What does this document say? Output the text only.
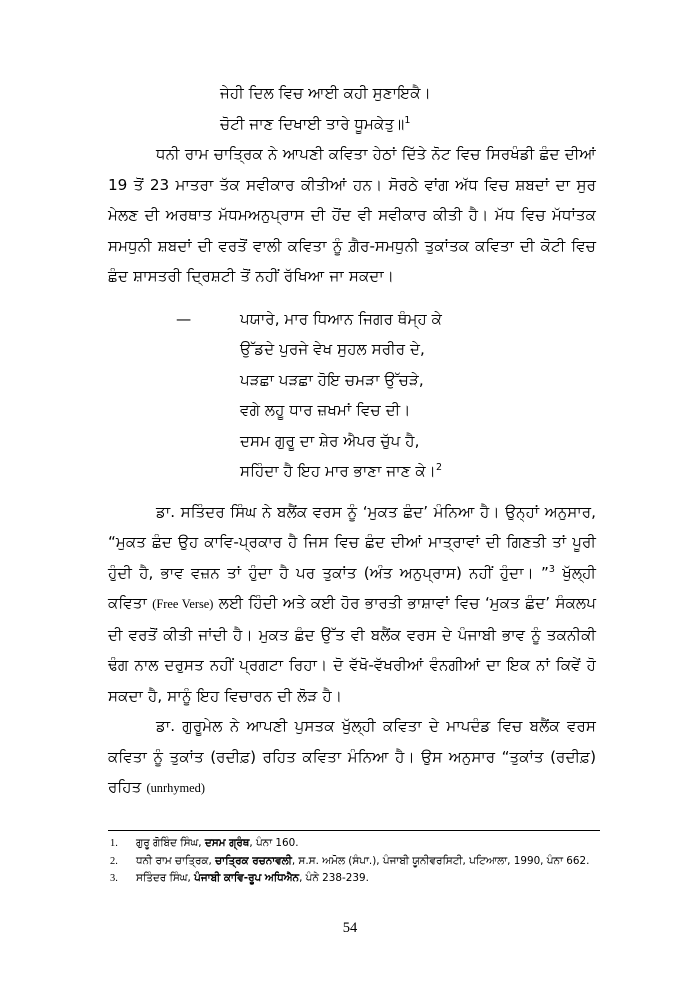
ਜੇਹੀ ਦਿਲ ਵਿਚ ਆਈ ਕਹੀ ਸੁਣਾਇਕੈ।
ਚੋਟੀ ਜਾਣ ਦਿਖਾਈ ਤਾਰੇ ਧੂਮਕੇਤੁ॥$^1$

ਧਨੀ ਰਾਮ ਚਾਤ੍ਰਿਕ ਨੇ ਆਪਣੀ ਕਵਿਤਾ ਹੇਠਾਂ ਦਿੱਤੇ ਨੋਟ ਵਿਚ ਸਿਰਖੰਡੀ ਛੰਦ ਦੀਆਂ 19 ਤੋਂ 23 ਮਾਤਰਾ ਤੱਕ ਸਵੀਕਾਰ ਕੀਤੀਆਂ ਹਨ। ਸੋਰਠੇ ਵਾਂਗ ਅੱਧ ਵਿਚ ਸ਼ਬਦਾਂ ਦਾ ਸੁਰ ਮੇਲਣ ਦੀ ਅਰਥਾਤ ਮੱਧਮਅਨੁਪ੍ਰਾਸ ਦੀ ਹੋਂਦ ਵੀ ਸਵੀਕਾਰ ਕੀਤੀ ਹੈ। ਮੱਧ ਵਿਚ ਮੱਧਾਂਤਕ ਸਮਧੁਨੀ ਸ਼ਬਦਾਂ ਦੀ ਵਰਤੋਂ ਵਾਲੀ ਕਵਿਤਾ ਨੂੰ ਗ਼ੈਰ-ਸਮਧੁਨੀ ਤੁਕਾਂਤਕ ਕਵਿਤਾ ਦੀ ਕੋਟੀ ਵਿਚ ਛੰਦ ਸ਼ਾਸਤਰੀ ਦ੍ਰਿਸ਼ਟੀ ਤੋਂ ਨਹੀਂ ਰੱਖਿਆ ਜਾ ਸਕਦਾ।

—	ਪਯਾਰੇ, ਮਾਰ ਧਿਆਨ ਜਿਗਰ ਥੰਮ੍ਹ ਕੇ
ਉੱਡਦੇ ਪੁਰਜੇ ਵੇਖ ਸੁਹਲ ਸਰੀਰ ਦੇ,
ਪੜਛਾ ਪੜਛਾ ਹੋਇ ਚਮੜਾ ਉੱਚੜੇ,
ਵਗੇ ਲਹੂ ਧਾਰ ਜ਼ਖਮਾਂ ਵਿਚ ਦੀ।
ਦਸਮ ਗੁਰੂ ਦਾ ਸ਼ੇਰ ਐਪਰ ਚੁੱਪ ਹੈ,
ਸਹਿੰਦਾ ਹੈ ਇਹ ਮਾਰ ਭਾਣਾ ਜਾਣ ਕੇ।$^2$

ਡਾ. ਸਤਿੰਦਰ ਸਿੰਘ ਨੇ ਬਲੈਂਕ ਵਰਸ ਨੂੰ ‘ਮੁਕਤ ਛੰਦ’ ਮੰਨਿਆ ਹੈ। ਉਨ੍ਹਾਂ ਅਨੁਸਾਰ, “ਮੁਕਤ ਛੰਦ ਉਹ ਕਾਵਿ-ਪ੍ਰਕਾਰ ਹੈ ਜਿਸ ਵਿਚ ਛੰਦ ਦੀਆਂ ਮਾਤ੍ਰਾਵਾਂ ਦੀ ਗਿਣਤੀ ਤਾਂ ਪੂਰੀ ਹੁੰਦੀ ਹੈ, ਭਾਵ ਵਜ਼ਨ ਤਾਂ ਹੁੰਦਾ ਹੈ ਪਰ ਤੁਕਾਂਤ (ਅੰਤ ਅਨੁਪ੍ਰਾਸ) ਨਹੀਂ ਹੁੰਦਾ। ”$^3$ ਖੁੱਲ੍ਹੀ ਕਵਿਤਾ (Free Verse) ਲਈ ਹਿੰਦੀ ਅਤੇ ਕਈ ਹੋਰ ਭਾਰਤੀ ਭਾਸ਼ਾਵਾਂ ਵਿਚ ‘ਮੁਕਤ ਛੰਦ’ ਸੰਕਲਪ ਦੀ ਵਰਤੋਂ ਕੀਤੀ ਜਾਂਦੀ ਹੈ। ਮੁਕਤ ਛੰਦ ਉੱਤ ਵੀ ਬਲੈਂਕ ਵਰਸ ਦੇ ਪੰਜਾਬੀ ਭਾਵ ਨੂੰ ਤਕਨੀਕੀ ਢੰਗ ਨਾਲ ਦਰੁਸਤ ਨਹੀਂ ਪ੍ਰਗਟਾ ਰਿਹਾ। ਦੋ ਵੱਖੋ-ਵੱਖਰੀਆਂ ਵੰਨਗੀਆਂ ਦਾ ਇਕ ਨਾਂ ਕਿਵੇਂ ਹੋ ਸਕਦਾ ਹੈ, ਸਾਨੂੰ ਇਹ ਵਿਚਾਰਨ ਦੀ ਲੋੜ ਹੈ।

ਡਾ. ਗੁਰੂਮੇਲ ਨੇ ਆਪਣੀ ਪੁਸਤਕ ਖੁੱਲ੍ਹੀ ਕਵਿਤਾ ਦੇ ਮਾਪਦੰਡ ਵਿਚ ਬਲੈਂਕ ਵਰਸ ਕਵਿਤਾ ਨੂੰ ਤੁਕਾਂਤ (ਰਦੀਫ਼) ਰਹਿਤ ਕਵਿਤਾ ਮੰਨਿਆ ਹੈ। ਉਸ ਅਨੁਸਾਰ “ਤੁਕਾਂਤ (ਰਦੀਫ਼) ਰਹਿਤ (unrhymed)

1. ਗੁਰੂ ਗੋਬਿੰਦ ਸਿੰਘ, ਦਸਮ ਗ੍ਰੰਥ, ਪੰਨਾ 160.

2. ਧਨੀ ਰਾਮ ਚਾਤ੍ਰਿਕ, ਚਾਤ੍ਰਿਕ ਰਚਨਾਵਲੀ, ਸ.ਸ. ਅਮੋਲ (ਸੰਪਾ.), ਪੰਜਾਬੀ ਯੂਨੀਵਰਸਿਟੀ, ਪਟਿਆਲਾ, 1990, ਪੰਨਾ 662.

3. ਸਤਿੰਦਰ ਸਿੰਘ, ਪੰਜਾਬੀ ਕਾਵਿ-ਰੂਪ ਅਧਿਐਨ, ਪੰਨੇ 238-239.

54
